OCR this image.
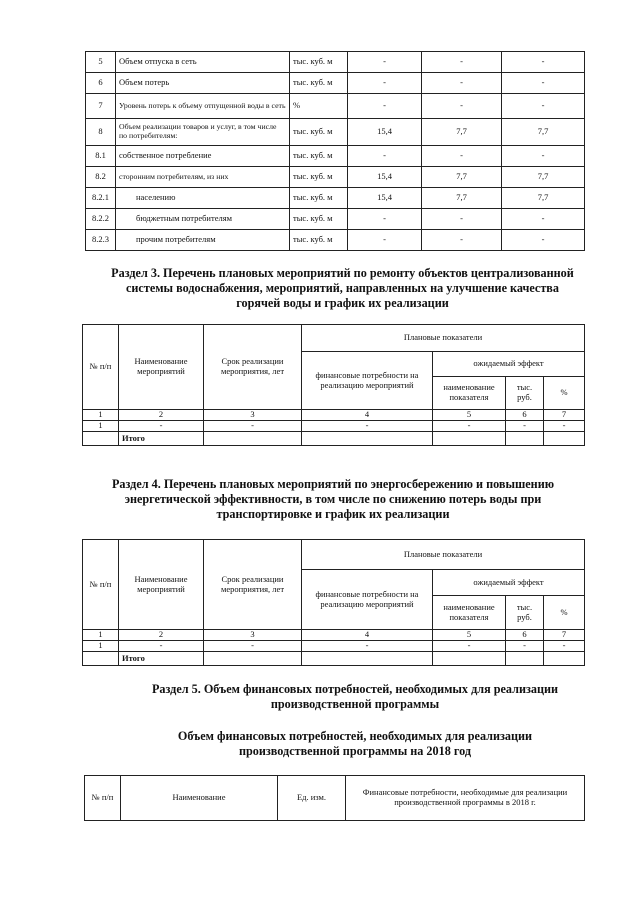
5	Объем отпуска в сеть	тыс. куб. м	-	-	-
6	Объем потерь	тыс. куб. м	-	-	-
7	Уровень потерь к объему отпущенной воды в сеть	%	-	-	-
8	Объем реализации товаров и услуг, в том числе по потребителям:	тыс. куб. м	15,4	7,7	7,7
8.1	собственное потребление	тыс. куб. м	-	-	-
8.2	сторонним потребителям, из них	тыс. куб. м	15,4	7,7	7,7
8.2.1	населению	тыс. куб. м	15,4	7,7	7,7
8.2.2	бюджетным потребителям	тыс. куб. м	-	-	-
8.2.3	прочим потребителям	тыс. куб. м	-	-	-

Раздел 3. Перечень плановых мероприятий по ремонту объектов централизованной системы водоснабжения, мероприятий, направленных на улучшение качества горячей воды и график их реализации

№ п/п	Наименование мероприятий	Срок реализации мероприятия, лет	Плановые показатели			
			финансовые потребности на реализацию мероприятий	ожидаемый эффект		
				наименование показателя	тыс. руб.	%
1	2	3	4	5	6	7
1	-	-	-	-	-	-
	Итого					

Раздел 4. Перечень плановых мероприятий по энергосбережению и повышению энергетической эффективности, в том числе по снижению потерь воды при транспортировке и график их реализации

№ п/п	Наименование мероприятий	Срок реализации мероприятия, лет	Плановые показатели			
			финансовые потребности на реализацию мероприятий	ожидаемый эффект		
				наименование показателя	тыс. руб.	%
1	2	3	4	5	6	7
1	-	-	-	-	-	-
	Итого					

Раздел 5. Объем финансовых потребностей, необходимых для реализации производственной программы

Объем финансовых потребностей, необходимых для реализации производственной программы на 2018 год

№ п/п	Наименование	Ед. изм.	Финансовые потребности, необходимые для реализации производственной программы в 2018 г.
